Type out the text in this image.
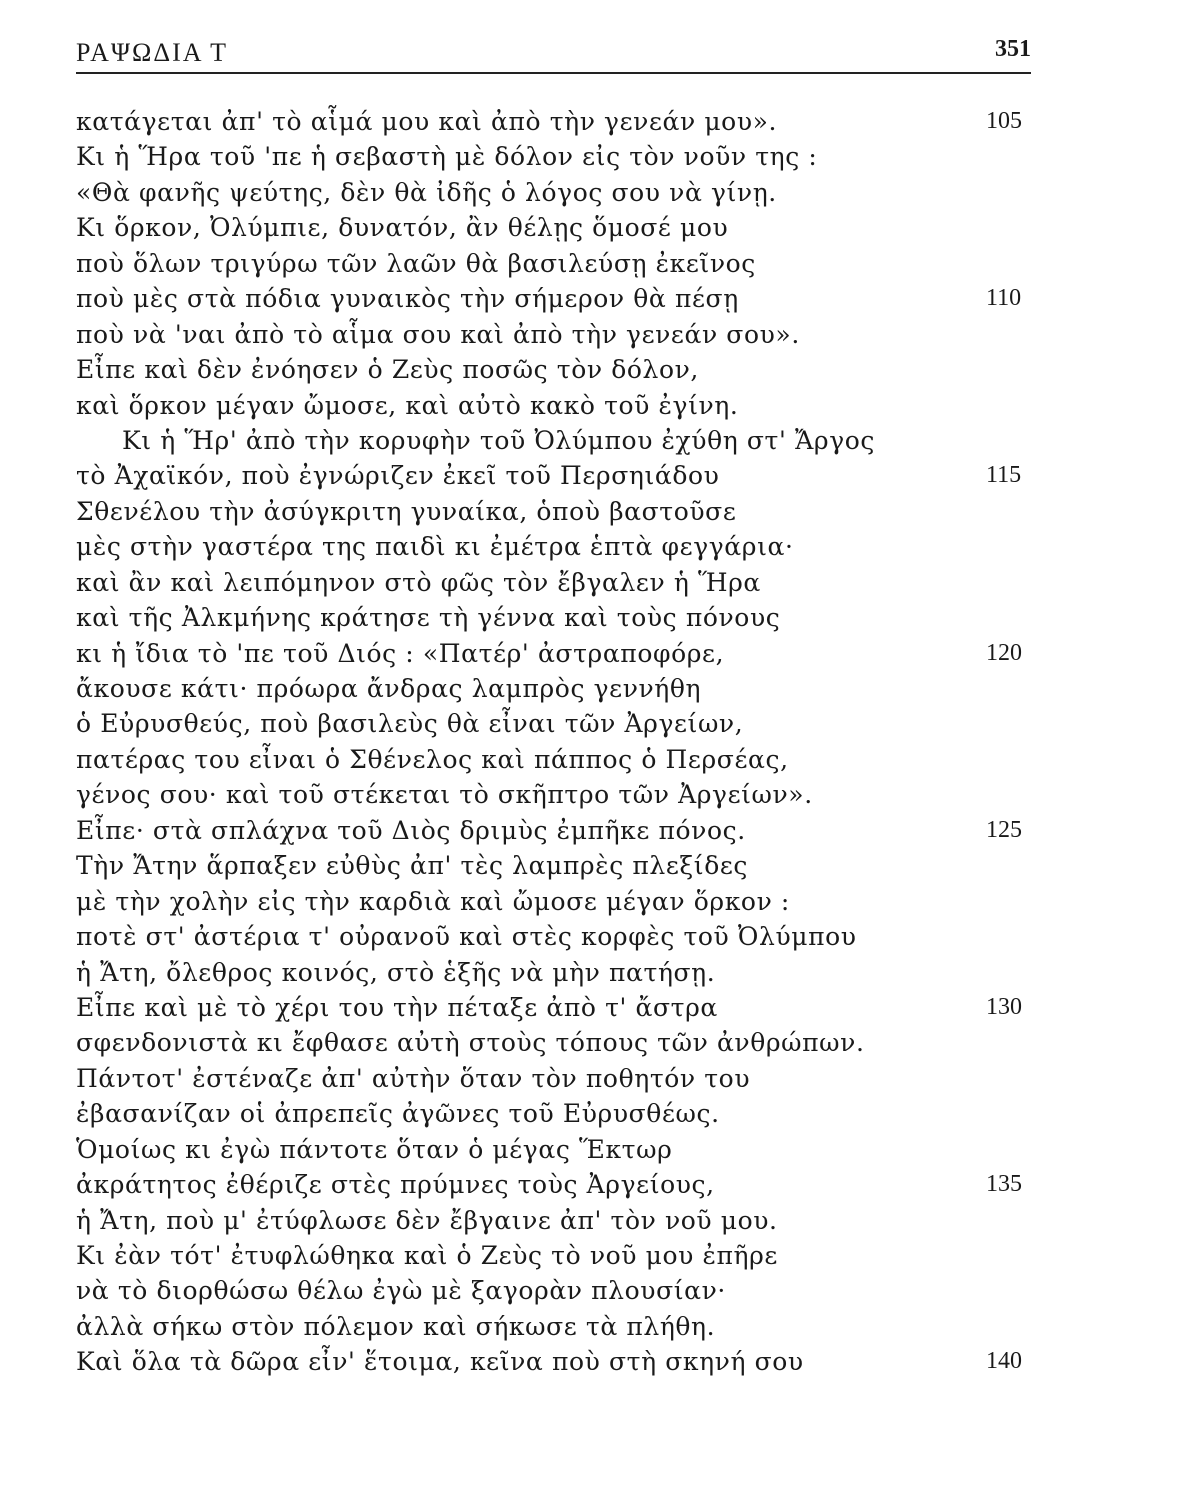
ΡΑΨΩΔΙΑ Τ	351
κατάγεται ἀπ' τὸ αἷμά μου καὶ ἀπὸ τὴν γενεάν μου».	105
Κι ἡ Ἥρα τοῦ 'πε ἡ σεβαστὴ μὲ δόλον εἰς τὸν νοῦν της :
«Θὰ φανῆς ψεύτης, δὲν θὰ ἰδῆς ὁ λόγος σου νὰ γίνῃ.
Κι ὅρκον, Ὀλύμπιε, δυνατόν, ἂν θέλῃς ὅμοσέ μου
ποὺ ὅλων τριγύρω τῶν λαῶν θὰ βασιλεύσῃ ἐκεῖνος
ποὺ μὲς στὰ πόδια γυναικὸς τὴν σήμερον θὰ πέσῃ	110
ποὺ νὰ 'ναι ἀπὸ τὸ αἷμα σου καὶ ἀπὸ τὴν γενεάν σου».
Εἶπε καὶ δὲν ἐνόησεν ὁ Ζεὺς ποσῶς τὸν δόλον,
καὶ ὅρκον μέγαν ὤμοσε, καὶ αὐτὸ κακὸ τοῦ ἐγίνη.
Κι ἡ Ἥρ' ἀπὸ τὴν κορυφὴν τοῦ Ὀλύμπου ἐχύθη στ' Ἄργος
τὸ Ἀχαϊκόν, ποὺ ἐγνώριζεν ἐκεῖ τοῦ Περσηιάδου	115
Σθενέλου τὴν ἀσύγκριτη γυναίκα, ὁποὺ βαστοῦσε
μὲς στὴν γαστέρα της παιδὶ κι ἐμέτρα ἑπτὰ φεγγάρια·
καὶ ἂν καὶ λειπόμηνον στὸ φῶς τὸν ἔβγαλεν ἡ Ἥρα
καὶ τῆς Ἀλκμήνης κράτησε τὴ γέννα καὶ τοὺς πόνους
κι ἡ ἴδια τὸ 'πε τοῦ Διός : «Πατέρ' ἀστραποφόρε,	120
ἄκουσε κάτι· πρόωρα ἄνδρας λαμπρὸς γεννήθη
ὁ Εὐρυσθεύς, ποὺ βασιλεὺς θὰ εἶναι τῶν Ἀργείων,
πατέρας του εἶναι ὁ Σθένελος καὶ πάππος ὁ Περσέας,
γένος σου· καὶ τοῦ στέκεται τὸ σκῆπτρο τῶν Ἀργείων».
Εἶπε· στὰ σπλάχνα τοῦ Διὸς δριμὺς ἐμπῆκε πόνος.	125
Τὴν Ἄτην ἅρπαξεν εὐθὺς ἀπ' τὲς λαμπρὲς πλεξίδες
μὲ τὴν χολὴν εἰς τὴν καρδιὰ καὶ ὤμοσε μέγαν ὅρκον :
ποτὲ στ' ἀστέρια τ' οὐρανοῦ καὶ στὲς κορφὲς τοῦ Ὀλύμπου
ἡ Ἄτη, ὄλεθρος κοινός, στὸ ἑξῆς νὰ μὴν πατήσῃ.
Εἶπε καὶ μὲ τὸ χέρι του τὴν πέταξε ἀπὸ τ' ἄστρα	130
σφενδονιστὰ κι ἔφθασε αὐτὴ στοὺς τόπους τῶν ἀνθρώπων.
Πάντοτ' ἐστέναζε ἀπ' αὐτὴν ὅταν τὸν ποθητόν του
ἐβασανίζαν οἱ ἀπρεπεῖς ἀγῶνες τοῦ Εὐρυσθέως.
Ὁμοίως κι ἐγὼ πάντοτε ὅταν ὁ μέγας Ἕκτωρ
ἀκράτητος ἐθέριζε στὲς πρύμνες τοὺς Ἀργείους,	135
ἡ Ἄτη, ποὺ μ' ἐτύφλωσε δὲν ἔβγαινε ἀπ' τὸν νοῦ μου.
Κι ἐὰν τότ' ἐτυφλώθηκα καὶ ὁ Ζεὺς τὸ νοῦ μου ἐπῆρε
νὰ τὸ διορθώσω θέλω ἐγὼ μὲ ξαγορὰν πλουσίαν·
ἀλλὰ σήκω στὸν πόλεμον καὶ σήκωσε τὰ πλήθη.
Καὶ ὅλα τὰ δῶρα εἶν' ἕτοιμα, κεῖνα ποὺ στὴ σκηνή σου	140
